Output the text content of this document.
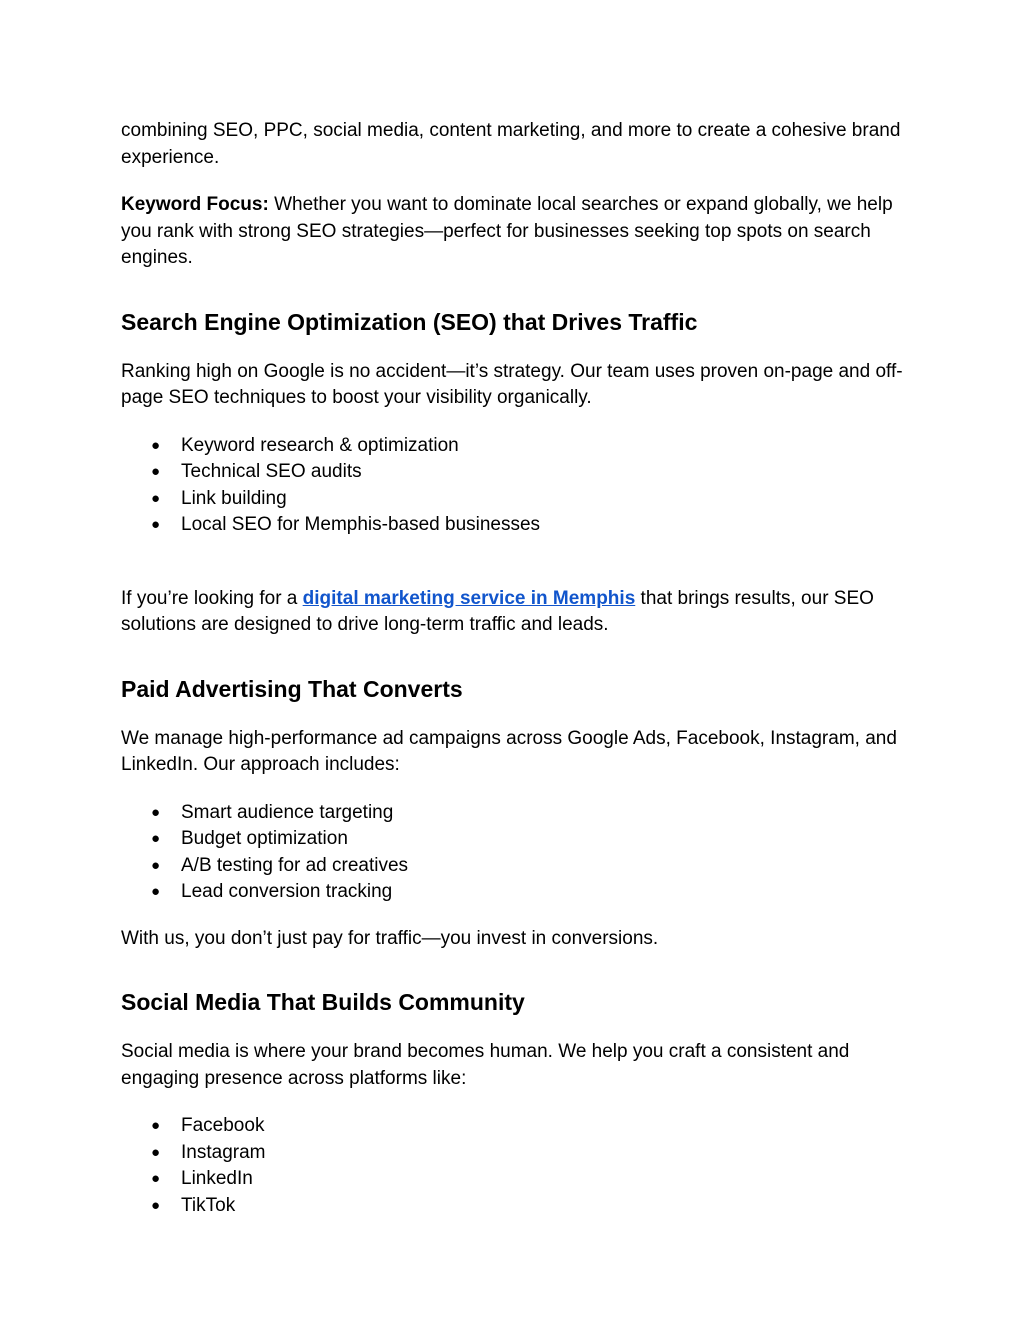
combining SEO, PPC, social media, content marketing, and more to create a cohesive brand experience.

Keyword Focus: Whether you want to dominate local searches or expand globally, we help you rank with strong SEO strategies—perfect for businesses seeking top spots on search engines.

Search Engine Optimization (SEO) that Drives Traffic

Ranking high on Google is no accident—it’s strategy. Our team uses proven on-page and off-page SEO techniques to boost your visibility organically.

● Keyword research & optimization
● Technical SEO audits
● Link building
● Local SEO for Memphis-based businesses

If you’re looking for a digital marketing service in Memphis that brings results, our SEO solutions are designed to drive long-term traffic and leads.

Paid Advertising That Converts

We manage high-performance ad campaigns across Google Ads, Facebook, Instagram, and LinkedIn. Our approach includes:

● Smart audience targeting
● Budget optimization
● A/B testing for ad creatives
● Lead conversion tracking

With us, you don’t just pay for traffic—you invest in conversions.

Social Media That Builds Community

Social media is where your brand becomes human. We help you craft a consistent and engaging presence across platforms like:

● Facebook
● Instagram
● LinkedIn
● TikTok
